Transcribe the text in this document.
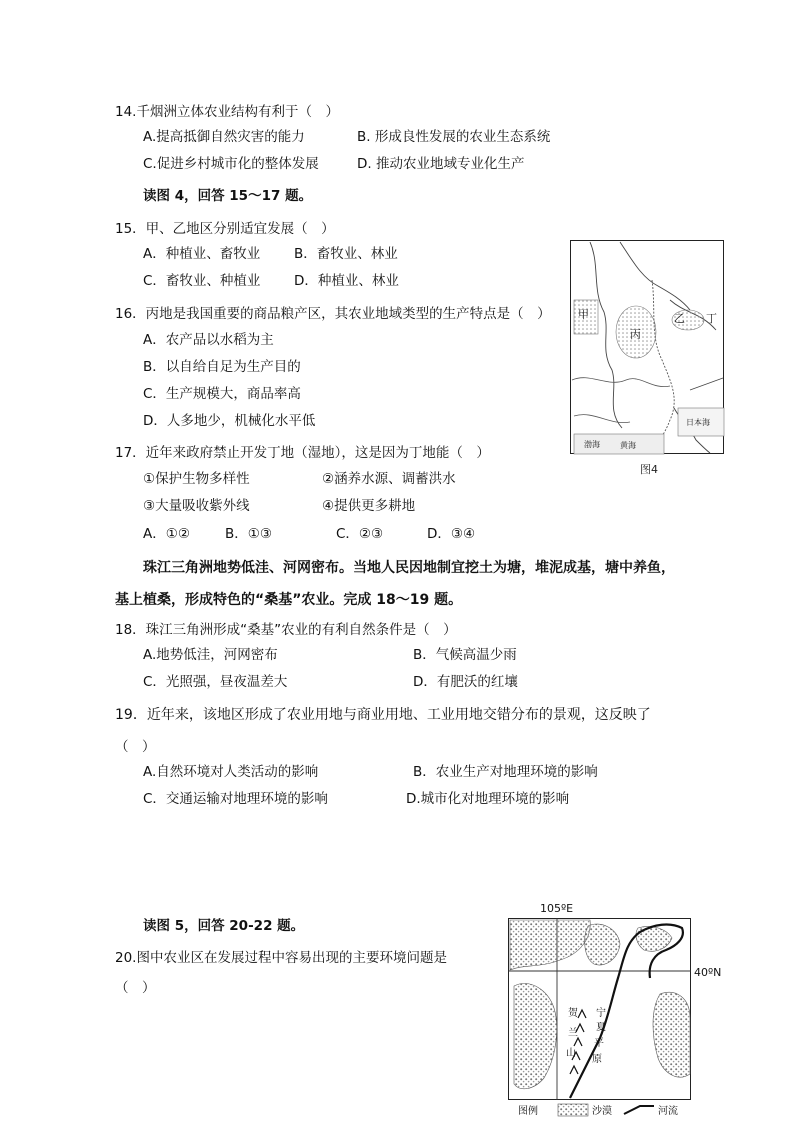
14.千烟洲立体农业结构有利于（　）
A.提高抵御自然灾害的能力	B. 形成良性发展的农业生态系统
C.促进乡村城市化的整体发展	D. 推动农业地域专业化生产
读图 4，回答 15～17 题。
15．甲、乙地区分别适宜发展（　）
A．种植业、畜牧业	B．畜牧业、林业
C．畜牧业、种植业 D．种植业、林业
16．丙地是我国重要的商品粮产区，其农业地域类型的生产特点是（　）
A．农产品以水稻为主
B．以自给自足为生产目的
C．生产规模大，商品率高
D．人多地少，机械化水平低
17．近年来政府禁止开发丁地（湿地），这是因为丁地能（　）
①保护生物多样性	②涵养水源、调蓄洪水
③大量吸收紫外线	④提供更多耕地
A．①②	B．①③	C．②③	D．③④
甲	乙
丙
丁
日本海
黄海
渤海
图4
珠江三角洲地势低洼、河网密布。当地人民因地制宜挖土为塘，堆泥成基，塘中养鱼，
基上植桑，形成特色的“桑基”农业。完成 18～19 题。
18．珠江三角洲形成“桑基”农业的有利自然条件是（　）
A.地势低洼，河网密布	B．气候高温少雨
C．光照强，昼夜温差大	D．有肥沃的红壤
19．近年来，该地区形成了农业用地与商业用地、工业用地交错分布的景观，这反映了
（　）
A.自然环境对人类活动的影响	B．农业生产对地理环境的影响
C．交通运输对地理环境的影响	D.城市化对地理环境的影响
读图 5，回答 20-22 题。
20.图中农业区在发展过程中容易出现的主要环境问题是
（　）
105ºE
40ºN
贺
兰
山
宁
夏
平
原
图例	沙漠	河流
